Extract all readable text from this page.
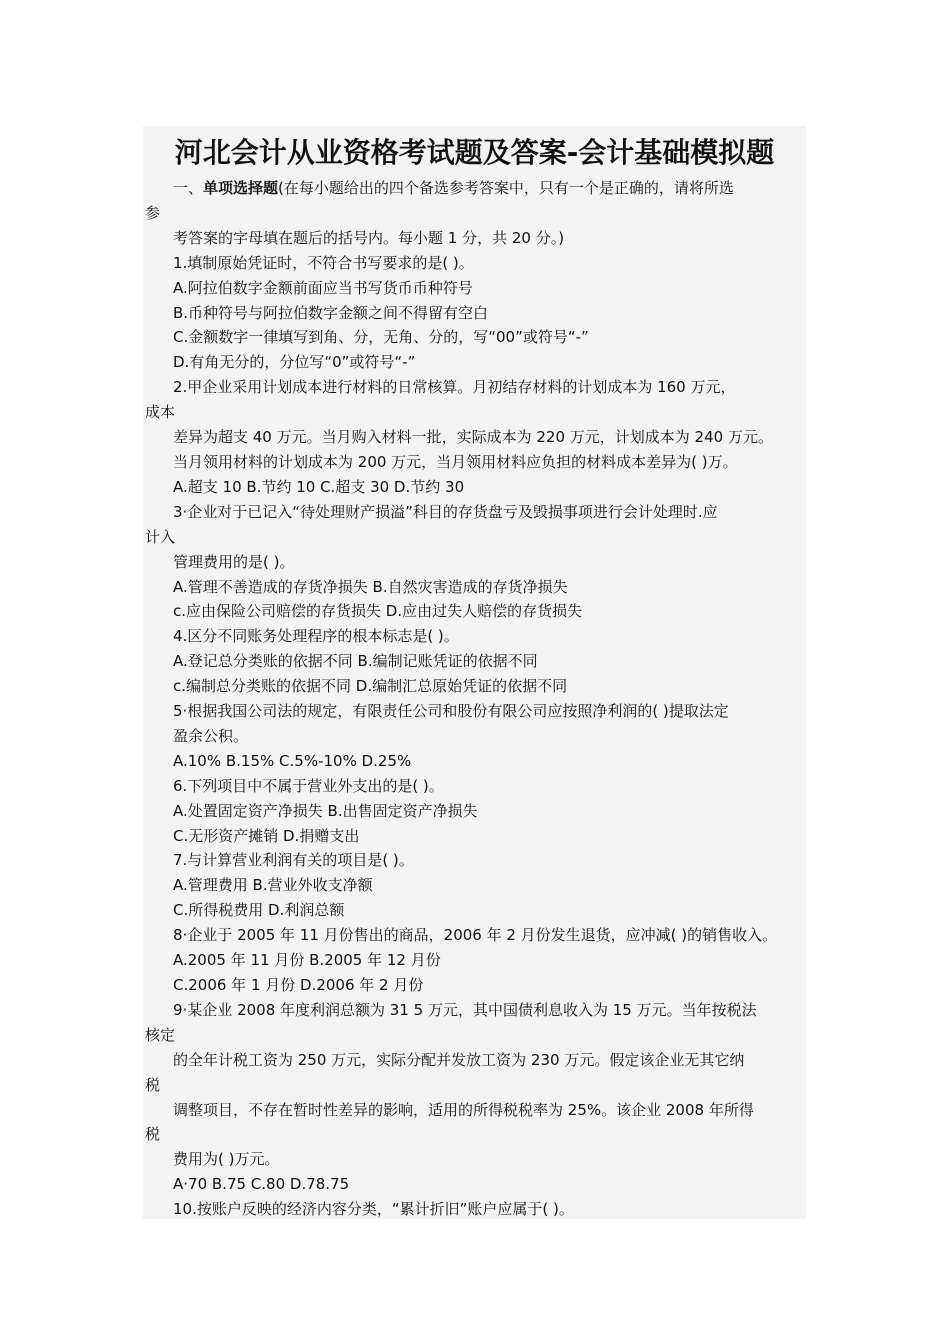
河北会计从业资格考试题及答案-会计基础模拟题
一、单项选择题(在每小题给出的四个备选参考答案中，只有一个是正确的，请将所选
参
考答案的字母填在题后的括号内。每小题 1 分，共 20 分。)
1.填制原始凭证时，不符合书写要求的是( )。
A.阿拉伯数字金额前面应当书写货币币种符号
B.币种符号与阿拉伯数字金额之间不得留有空白
C.金额数字一律填写到角、分，无角、分的，写“00”或符号“-”
D.有角无分的，分位写“0”或符号“-”
2.甲企业采用计划成本进行材料的日常核算。月初结存材料的计划成本为 160 万元，
成本
差异为超支 40 万元。当月购入材料一批，实际成本为 220 万元，计划成本为 240 万元。
当月领用材料的计划成本为 200 万元，当月领用材料应负担的材料成本差异为( )万。
A.超支 10 B.节约 10 C.超支 30 D.节约 30
3·企业对于已记入“待处理财产损溢”科目的存货盘亏及毁损事项进行会计处理时.应
计入
管理费用的是( )。
A.管理不善造成的存货净损失 B.自然灾害造成的存货净损失
c.应由保险公司赔偿的存货损失 D.应由过失人赔偿的存货损失
4.区分不同账务处理程序的根本标志是( )。
A.登记总分类账的依据不同 B.编制记账凭证的依据不同
c.编制总分类账的依据不同 D.编制汇总原始凭证的依据不同
5·根据我国公司法的规定，有限责任公司和股份有限公司应按照净利润的( )提取法定
盈余公积。
A.10% B.15% C.5%-10% D.25%
6.下列项目中不属于营业外支出的是( )。
A.处置固定资产净损失 B.出售固定资产净损失
C.无形资产摊销 D.捐赠支出
7.与计算营业利润有关的项目是( )。
A.管理费用 B.营业外收支净额
C.所得税费用 D.利润总额
8·企业于 2005 年 11 月份售出的商品，2006 年 2 月份发生退货，应冲减( )的销售收入。
A.2005 年 11 月份 B.2005 年 12 月份
C.2006 年 1 月份 D.2006 年 2 月份
9·某企业 2008 年度利润总额为 31 5 万元，其中国债利息收入为 15 万元。当年按税法
核定
的全年计税工资为 250 万元，实际分配并发放工资为 230 万元。假定该企业无其它纳
税
调整项目，不存在暂时性差异的影响，适用的所得税税率为 25%。该企业 2008 年所得
税
费用为( )万元。
A·70 B.75 C.80 D.78.75
10.按账户反映的经济内容分类，“累计折旧”账户应属于( )。
